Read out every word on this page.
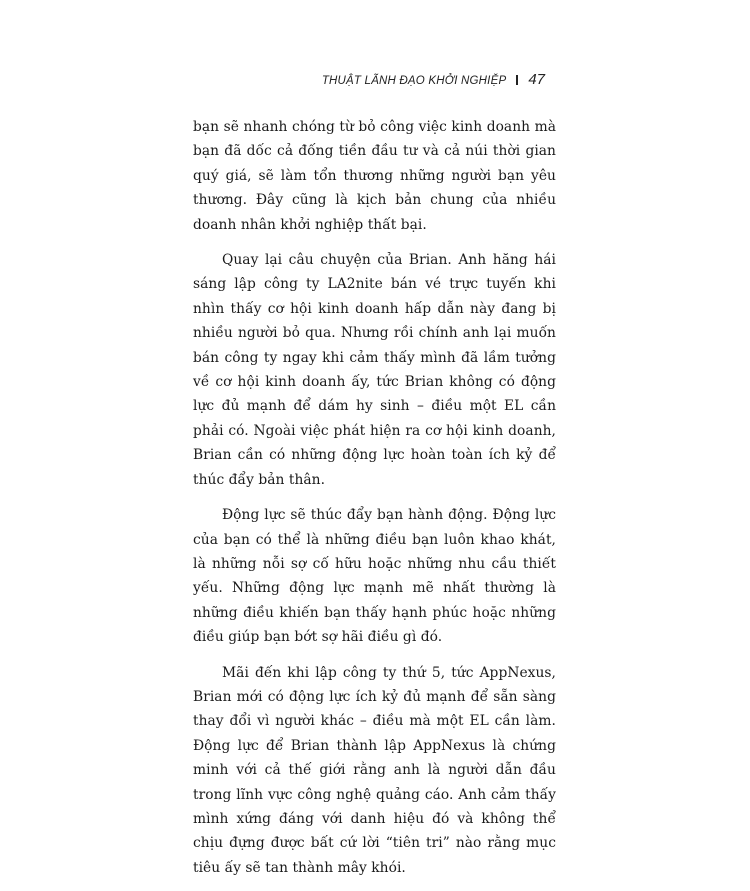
THUẬT LÃNH ĐẠO KHỞI NGHIỆP 47

bạn sẽ nhanh chóng từ bỏ công việc kinh doanh mà bạn đã dốc cả đống tiền đầu tư và cả núi thời gian quý giá, sẽ làm tổn thương những người bạn yêu thương. Đây cũng là kịch bản chung của nhiều doanh nhân khởi nghiệp thất bại.

Quay lại câu chuyện của Brian. Anh hăng hái sáng lập công ty LA2nite bán vé trực tuyến khi nhìn thấy cơ hội kinh doanh hấp dẫn này đang bị nhiều người bỏ qua. Nhưng rồi chính anh lại muốn bán công ty ngay khi cảm thấy mình đã lầm tưởng về cơ hội kinh doanh ấy, tức Brian không có động lực đủ mạnh để dám hy sinh – điều một EL cần phải có. Ngoài việc phát hiện ra cơ hội kinh doanh, Brian cần có những động lực hoàn toàn ích kỷ để thúc đẩy bản thân.

Động lực sẽ thúc đẩy bạn hành động. Động lực của bạn có thể là những điều bạn luôn khao khát, là những nỗi sợ cố hữu hoặc những nhu cầu thiết yếu. Những động lực mạnh mẽ nhất thường là những điều khiến bạn thấy hạnh phúc hoặc những điều giúp bạn bớt sợ hãi điều gì đó.

Mãi đến khi lập công ty thứ 5, tức AppNexus, Brian mới có động lực ích kỷ đủ mạnh để sẵn sàng thay đổi vì người khác – điều mà một EL cần làm. Động lực để Brian thành lập AppNexus là chứng minh với cả thế giới rằng anh là người dẫn đầu trong lĩnh vực công nghệ quảng cáo. Anh cảm thấy mình xứng đáng với danh hiệu đó và không thể chịu đựng được bất cứ lời “tiên tri” nào rằng mục tiêu ấy sẽ tan thành mây khói.
